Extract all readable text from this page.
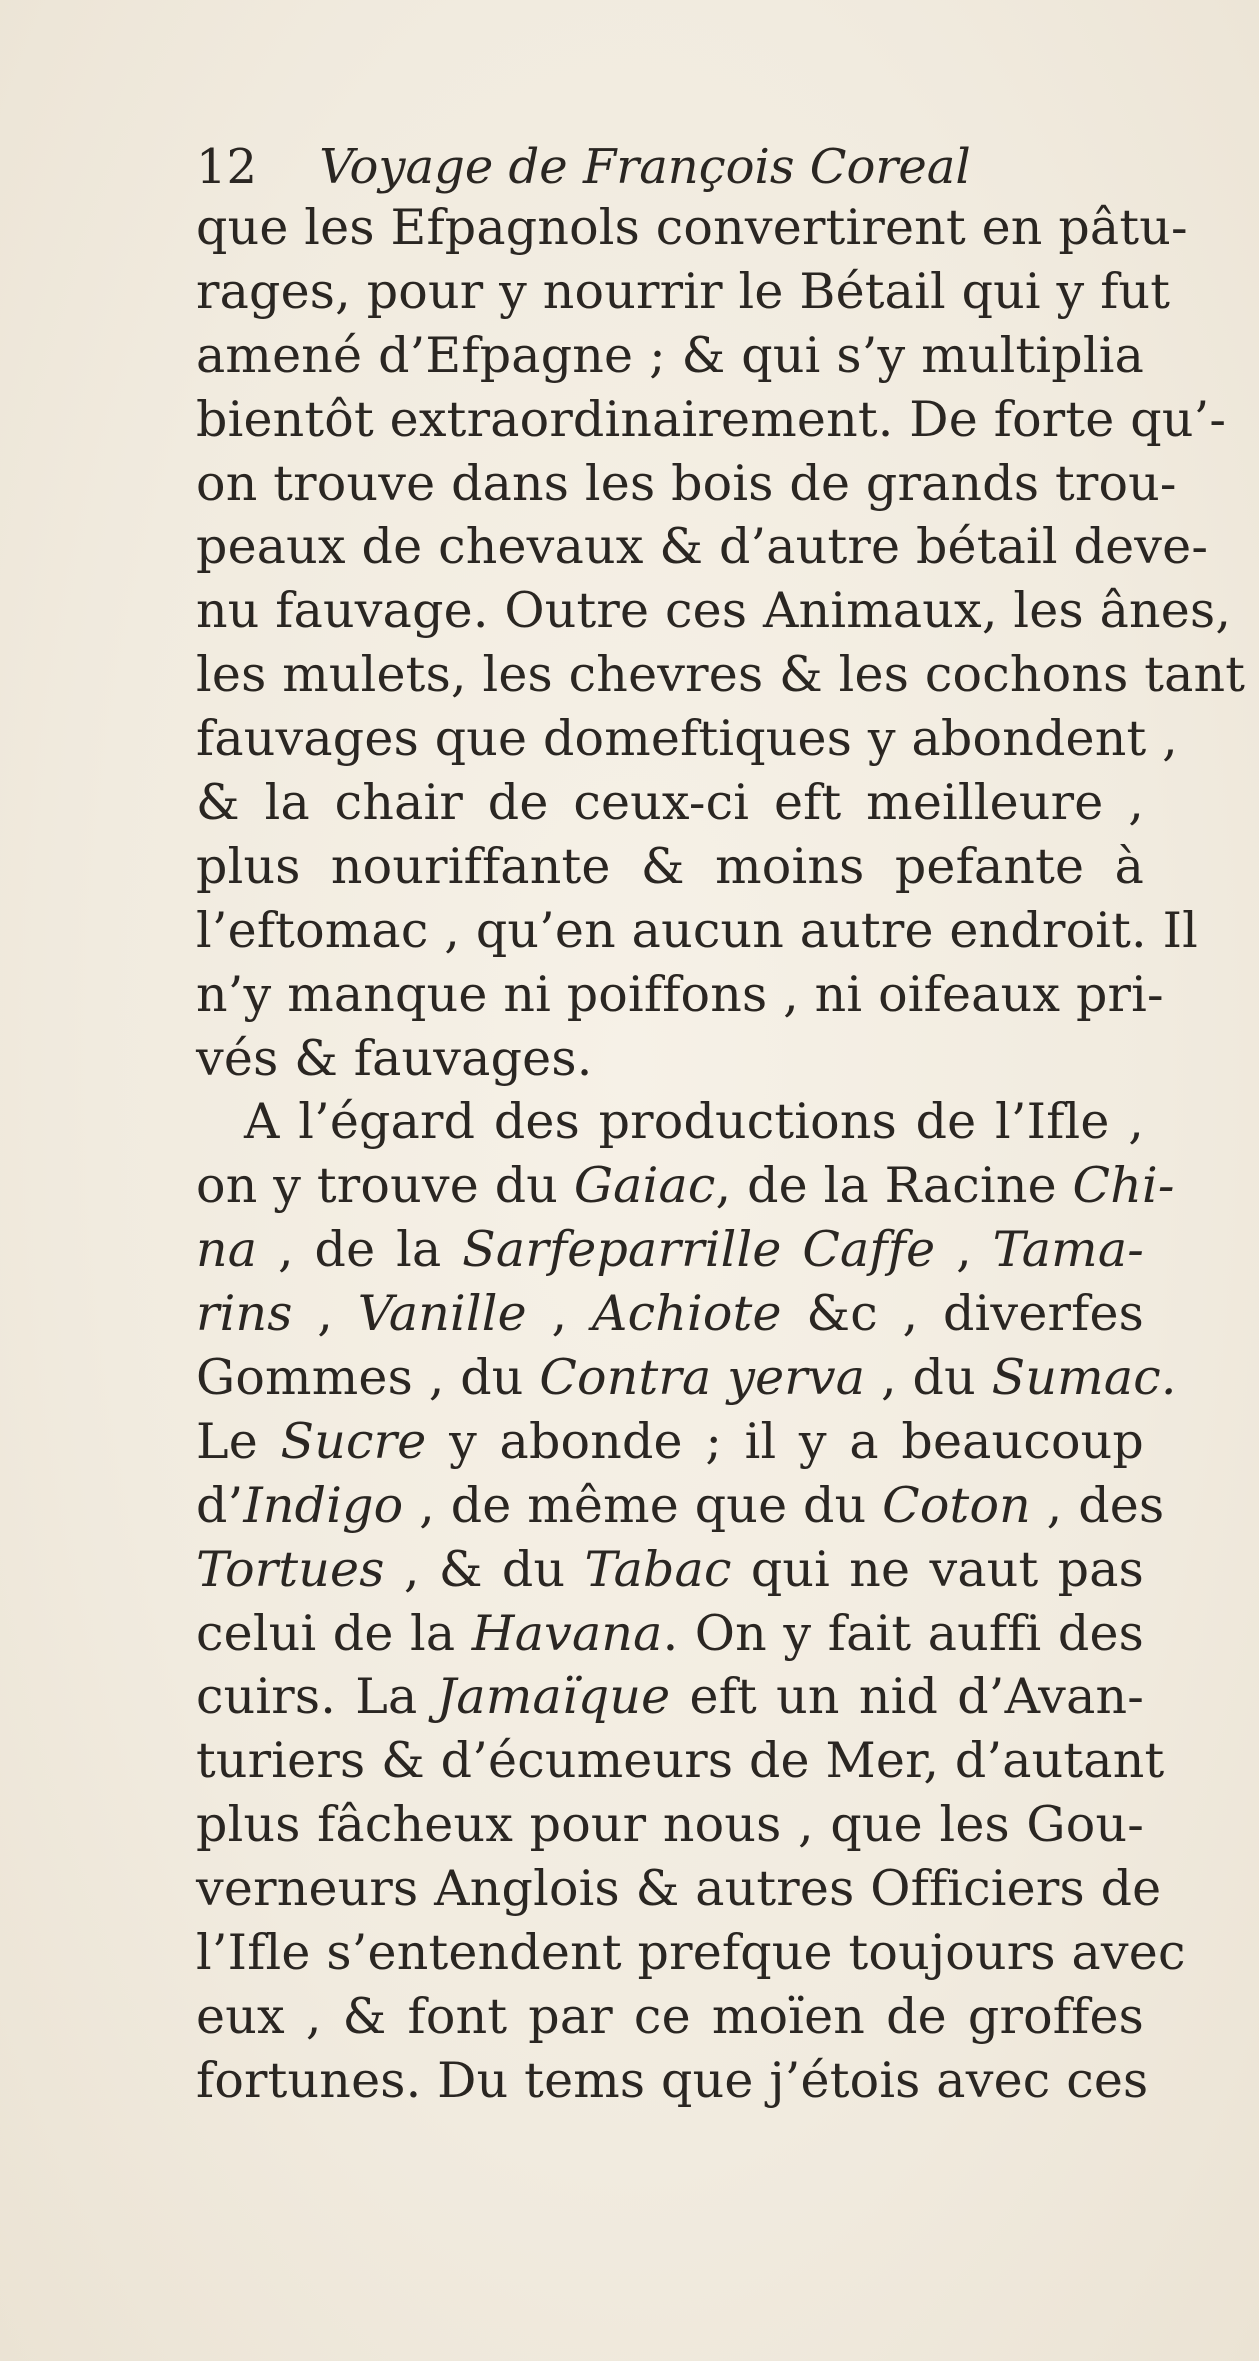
12 Voyage de François Coreal
que les Efpagnols convertirent en pâtu-
rages, pour y nourrir le Bétail qui y fut
amené d’Efpagne ; & qui s’y multiplia
bientôt extraordinairement. De forte qu’-
on trouve dans les bois de grands trou-
peaux de chevaux & d’autre bétail deve-
nu fauvage. Outre ces Animaux, les ânes,
les mulets, les chevres & les cochons tant
fauvages que domeftiques y abondent ,
& la chair de ceux-ci eft meilleure ,
plus nouriffante & moins pefante à
l’eftomac , qu’en aucun autre endroit. Il
n’y manque ni poiffons , ni oifeaux pri-
vés & fauvages.
A l’égard des productions de l’Ifle ,
on y trouve du Gaiac, de la Racine Chi-
na , de la Sarfeparrille Caffe , Tama-
rins , Vanille , Achiote &c , diverfes
Gommes , du Contra yerva , du Sumac.
Le Sucre y abonde ; il y a beaucoup
d’Indigo , de même que du Coton , des
Tortues , & du Tabac qui ne vaut pas
celui de la Havana. On y fait auffi des
cuirs. La Jamaïque eft un nid d’Avan-
turiers & d’écumeurs de Mer, d’autant
plus fâcheux pour nous , que les Gou-
verneurs Anglois & autres Officiers de
l’Ifle s’entendent prefque toujours avec
eux , & font par ce moïen de groffes
fortunes. Du tems que j’étois avec ces
